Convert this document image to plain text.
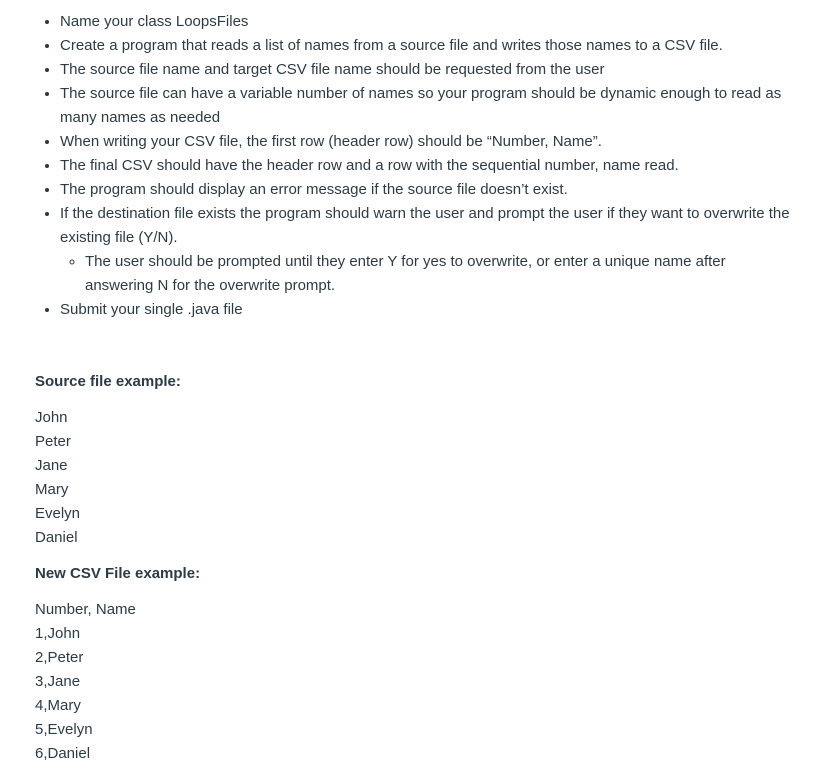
• Name your class LoopsFiles
• Create a program that reads a list of names from a source file and writes those names to a CSV file.
• The source file name and target CSV file name should be requested from the user
• The source file can have a variable number of names so your program should be dynamic enough to read as many names as needed
• When writing your CSV file, the first row (header row) should be “Number, Name”.
• The final CSV should have the header row and a row with the sequential number, name read.
• The program should display an error message if the source file doesn’t exist.
• If the destination file exists the program should warn the user and prompt the user if they want to overwrite the existing file (Y/N).
◦ The user should be prompted until they enter Y for yes to overwrite, or enter a unique name after answering N for the overwrite prompt.
• Submit your single .java file

Source file example:

John
Peter
Jane
Mary
Evelyn
Daniel

New CSV File example:

Number, Name
1,John
2,Peter
3,Jane
4,Mary
5,Evelyn
6,Daniel
